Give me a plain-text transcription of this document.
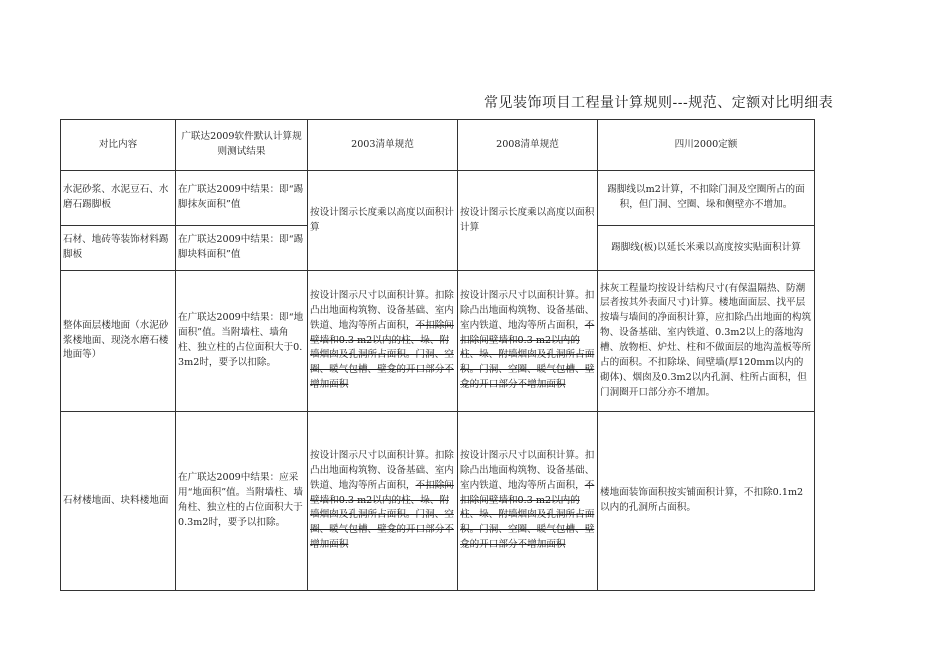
常见装饰项目工程量计算规则---规范、定额对比明细表
对比内容	广联达2009软件默认计算规则测试结果	2003清单规范	2008清单规范	四川2000定额
水泥砂浆、水泥豆石、水磨石踢脚板	在广联达2009中结果：即“踢脚抹灰面积”值	按设计图示长度乘以高度以面积计算	按设计图示长度乘以高度以面积计算	踢脚线以m2计算，不扣除门洞及空圈所占的面积，但门洞、空圈、垛和侧壁亦不增加。
石材、地砖等装饰材料踢脚板	在广联达2009中结果：即“踢脚块料面积”值			踢脚线(板)以延长米乘以高度按实贴面积计算
整体面层楼地面（水泥砂浆楼地面、现浇水磨石楼地面等）	在广联达2009中结果：即“地面积”值。当附墙柱、墙角柱、独立柱的占位面积大于0.3m2时，要予以扣除。	按设计图示尺寸以面积计算。扣除凸出地面构筑物、设备基础、室内铁道、地沟等所占面积，不扣除间壁墙和0.3 m2以内的柱、垛、附墙烟囱及孔洞所占面积。门洞、空圈、暖气包槽、壁龛的开口部分不增加面积	按设计图示尺寸以面积计算。扣除凸出地面构筑物、设备基础、室内铁道、地沟等所占面积，不扣除间壁墙和0.3 m2以内的柱、垛、附墙烟囱及孔洞所占面积。门洞、空圈、暖气包槽、壁龛的开口部分不增加面积	抹灰工程量均按设计结构尺寸(有保温隔热、防潮层者按其外表面尺寸)计算。楼地面面层、找平层按墙与墙间的净面积计算，应扣除凸出地面的构筑物、设备基础、室内铁道、0.3m2以上的落地沟槽、放物柜、炉灶、柱和不做面层的地沟盖板等所占的面积。不扣除垛、间壁墙(厚120mm以内的砌体)、烟囱及0.3m2以内孔洞、柱所占面积，但门洞圈开口部分亦不增加。
石材楼地面、块料楼地面	在广联达2009中结果：应采用“地面积”值。当附墙柱、墙角柱、独立柱的占位面积大于0.3m2时，要予以扣除。	按设计图示尺寸以面积计算。扣除凸出地面构筑物、设备基础、室内铁道、地沟等所占面积，不扣除间壁墙和0.3 m2以内的柱、垛、附墙烟囱及孔洞所占面积。门洞、空圈、暖气包槽、壁龛的开口部分不增加面积	按设计图示尺寸以面积计算。扣除凸出地面构筑物、设备基础、室内铁道、地沟等所占面积，不扣除间壁墙和0.3 m2以内的柱、垛、附墙烟囱及孔洞所占面积。门洞、空圈、暖气包槽、壁龛的开口部分不增加面积	楼地面装饰面积按实铺面积计算，不扣除0.1m2以内的孔洞所占面积。
